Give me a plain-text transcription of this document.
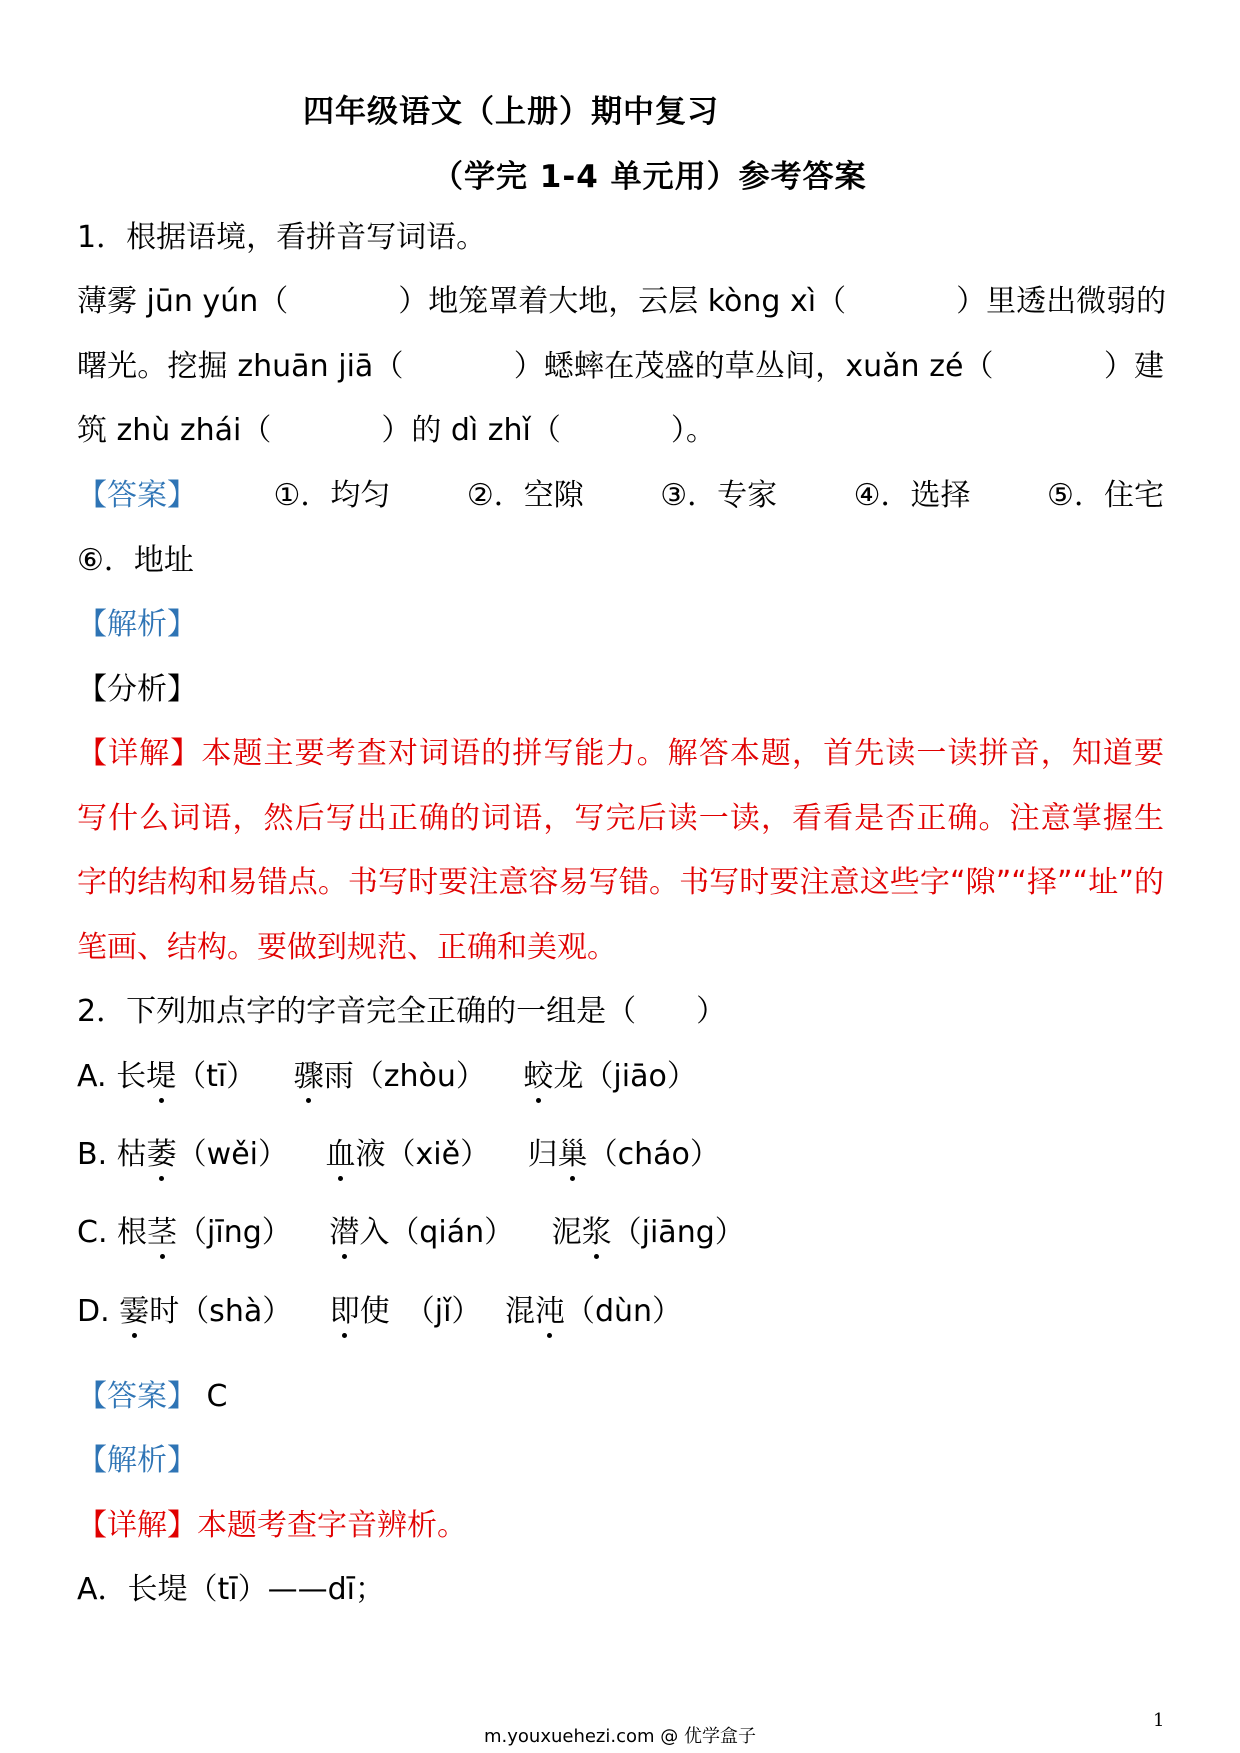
四年级语文（上册）期中复习
（学完 1-4 单元用）参考答案
1．根据语境，看拼音写词语。
薄雾 jūn yún（	）地笼罩着大地，云层 kòng xì（	）里透出微弱的
曙光。挖掘 zhuān jiā（	）蟋蟀在茂盛的草丛间，xuǎn zé（	）建
筑 zhù zhái（	）的 dì zhǐ（	）。
【答案】	①．均匀	②．空隙	③．专家	④．选择	⑤．住宅
⑥．地址
【解析】
【分析】
【详解】本题主要考查对词语的拼写能力。解答本题，首先读一读拼音，知道要
写什么词语，然后写出正确的词语，写完后读一读，看看是否正确。注意掌握生
字的结构和易错点。书写时要注意容易写错。书写时要注意这些字“隙”“择”“址”的
笔画、结构。要做到规范、正确和美观。
2．下列加点字的字音完全正确的一组是（　　）
A. 长堤（tī） 骤雨（zhòu） 蛟龙（jiāo）
B. 枯萎（wěi） 血液（xiě） 归巢（cháo）
C. 根茎（jīng） 潜入（qián） 泥浆（jiāng）
D. 霎时（shà） 即使　（jǐ） 混沌（dùn）
【答案】 C
【解析】
【详解】本题考查字音辨析。
A．长堤（tī）——dī；
m.youxuehezi.com @ 优学盒子
1
